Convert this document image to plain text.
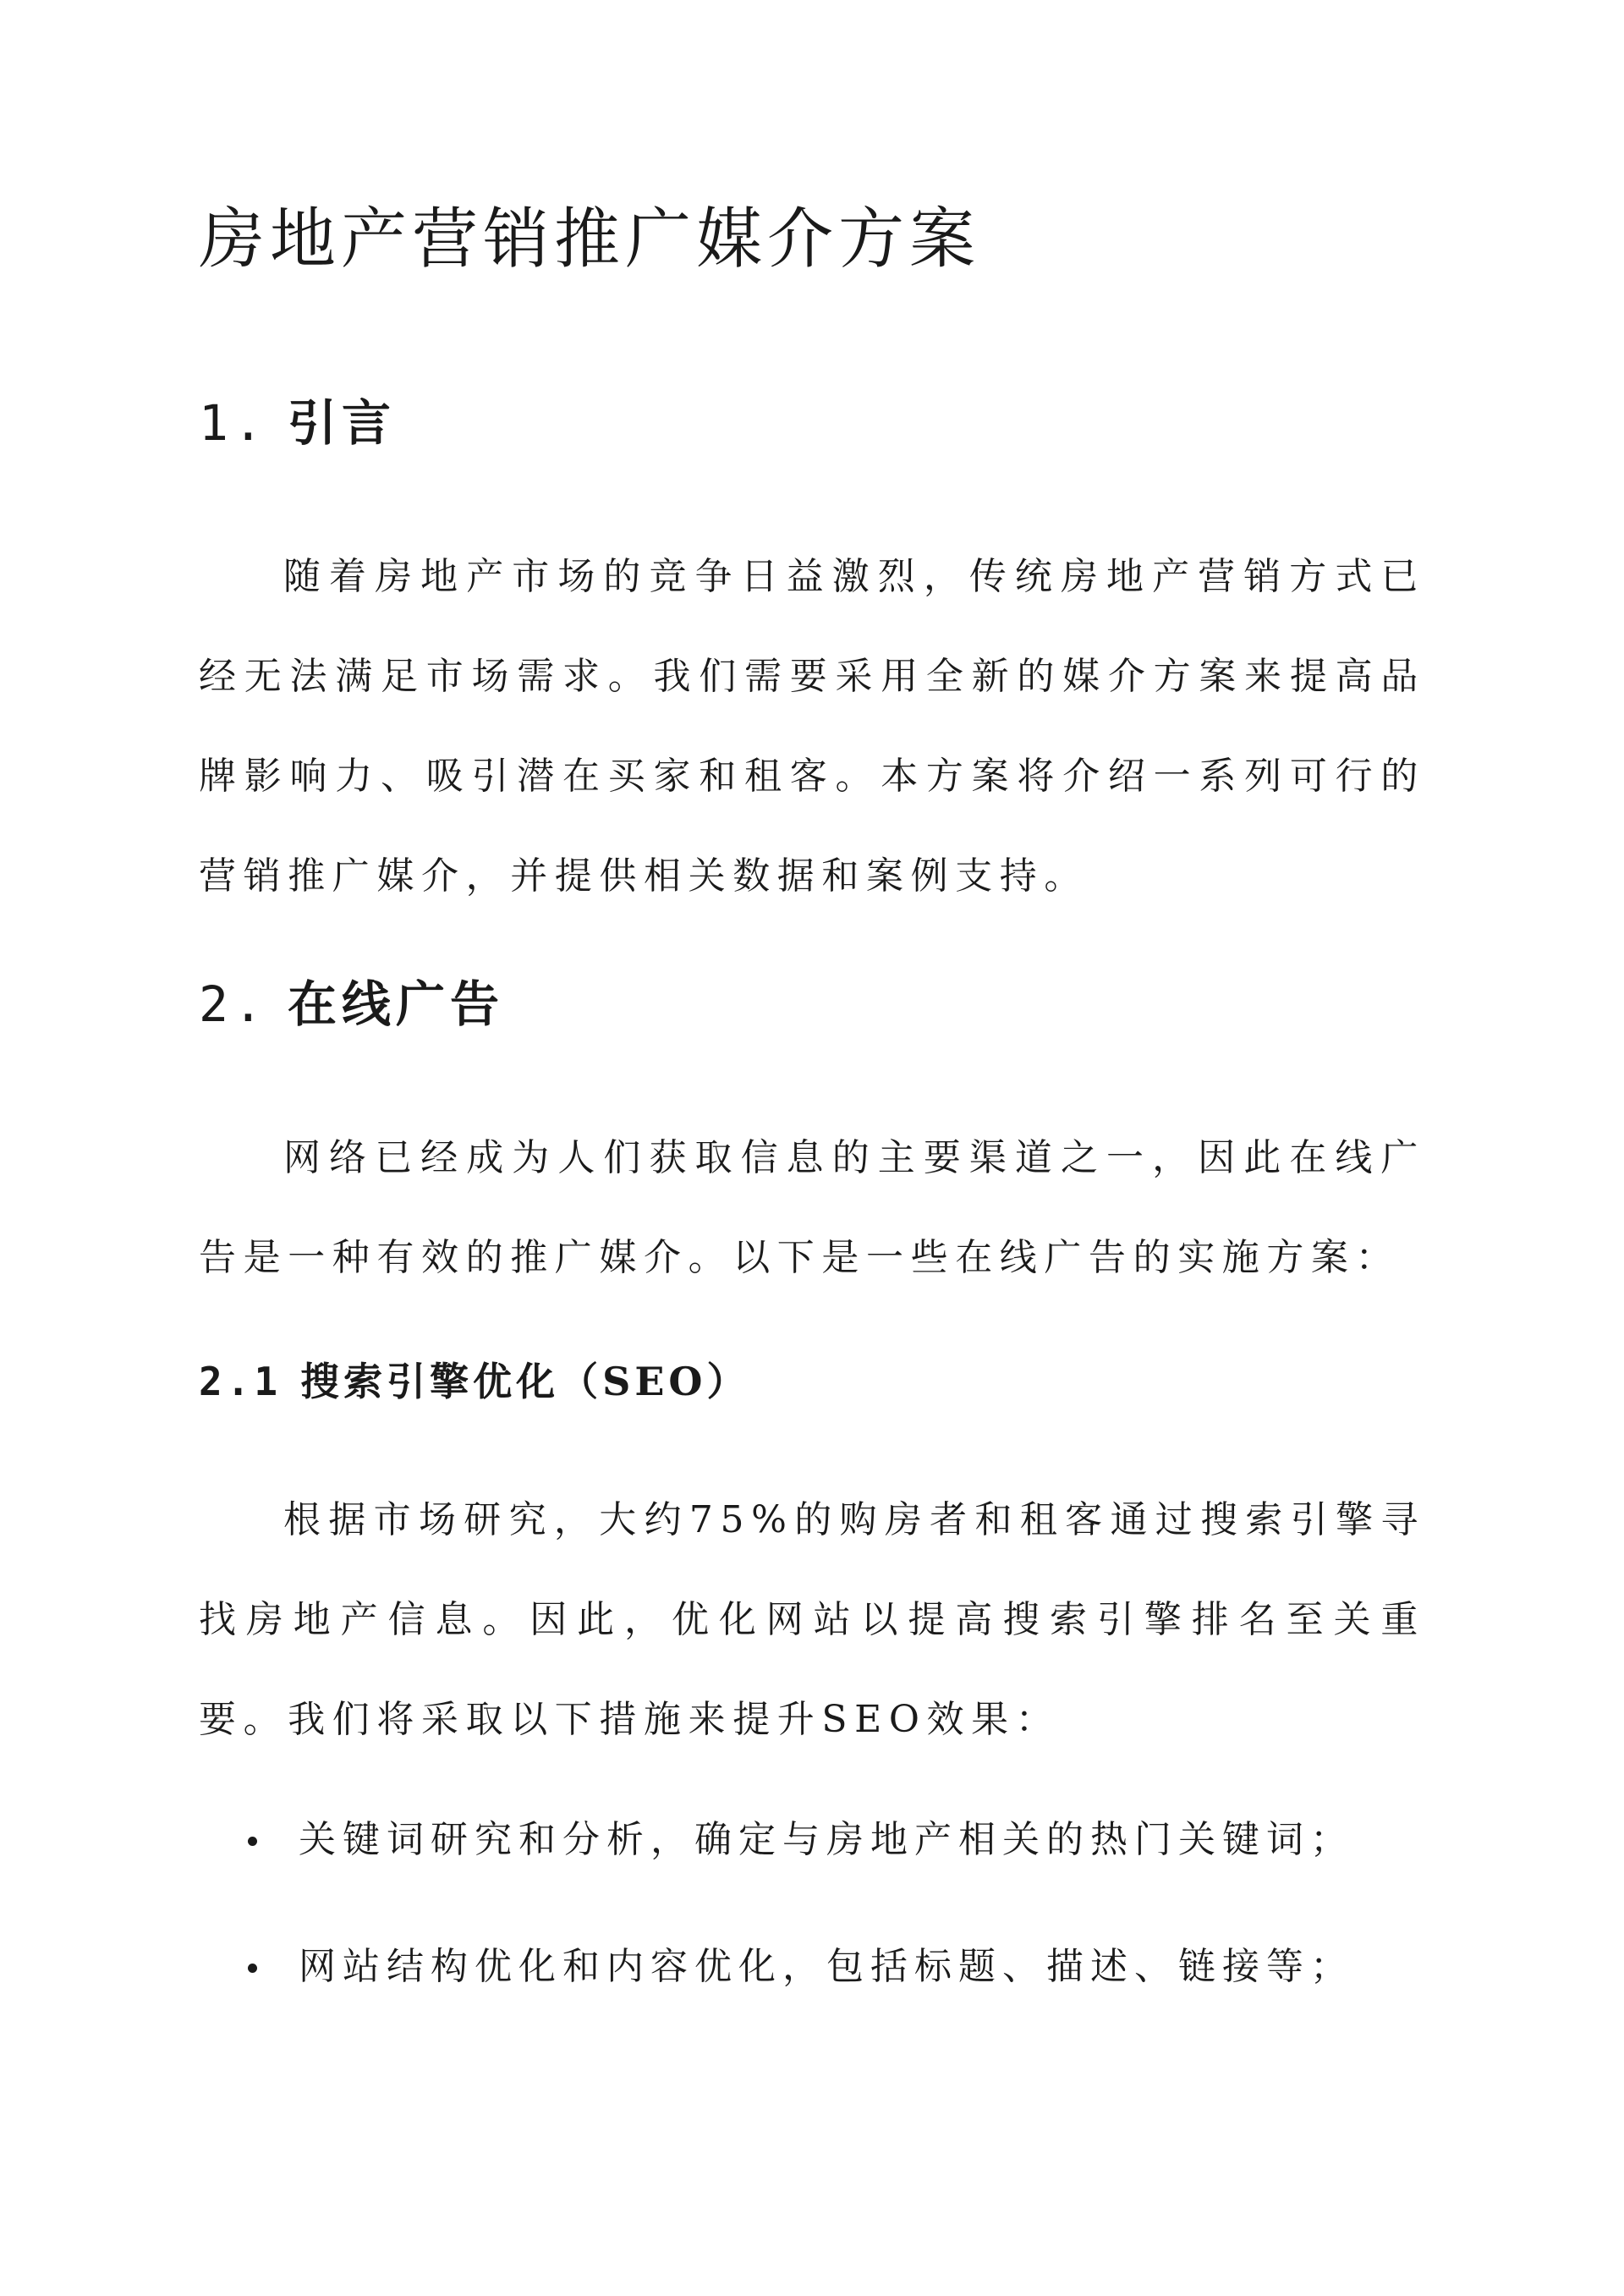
房地产营销推广媒介方案
1. 引言

随着房地产市场的竞争日益激烈，传统房地产营销方式已经无法满足市场需求。我们需要采用全新的媒介方案来提高品牌影响力、吸引潜在买家和租客。本方案将介绍一系列可行的营销推广媒介，并提供相关数据和案例支持。

2. 在线广告

网络已经成为人们获取信息的主要渠道之一，因此在线广告是一种有效的推广媒介。以下是一些在线广告的实施方案：

2.1 搜索引擎优化（SEO）

根据市场研究，大约75%的购房者和租客通过搜索引擎寻找房地产信息。因此，优化网站以提高搜索引擎排名至关重要。我们将采取以下措施来提升SEO效果：

关键词研究和分析，确定与房地产相关的热门关键词；
网站结构优化和内容优化，包括标题、描述、链接等；
